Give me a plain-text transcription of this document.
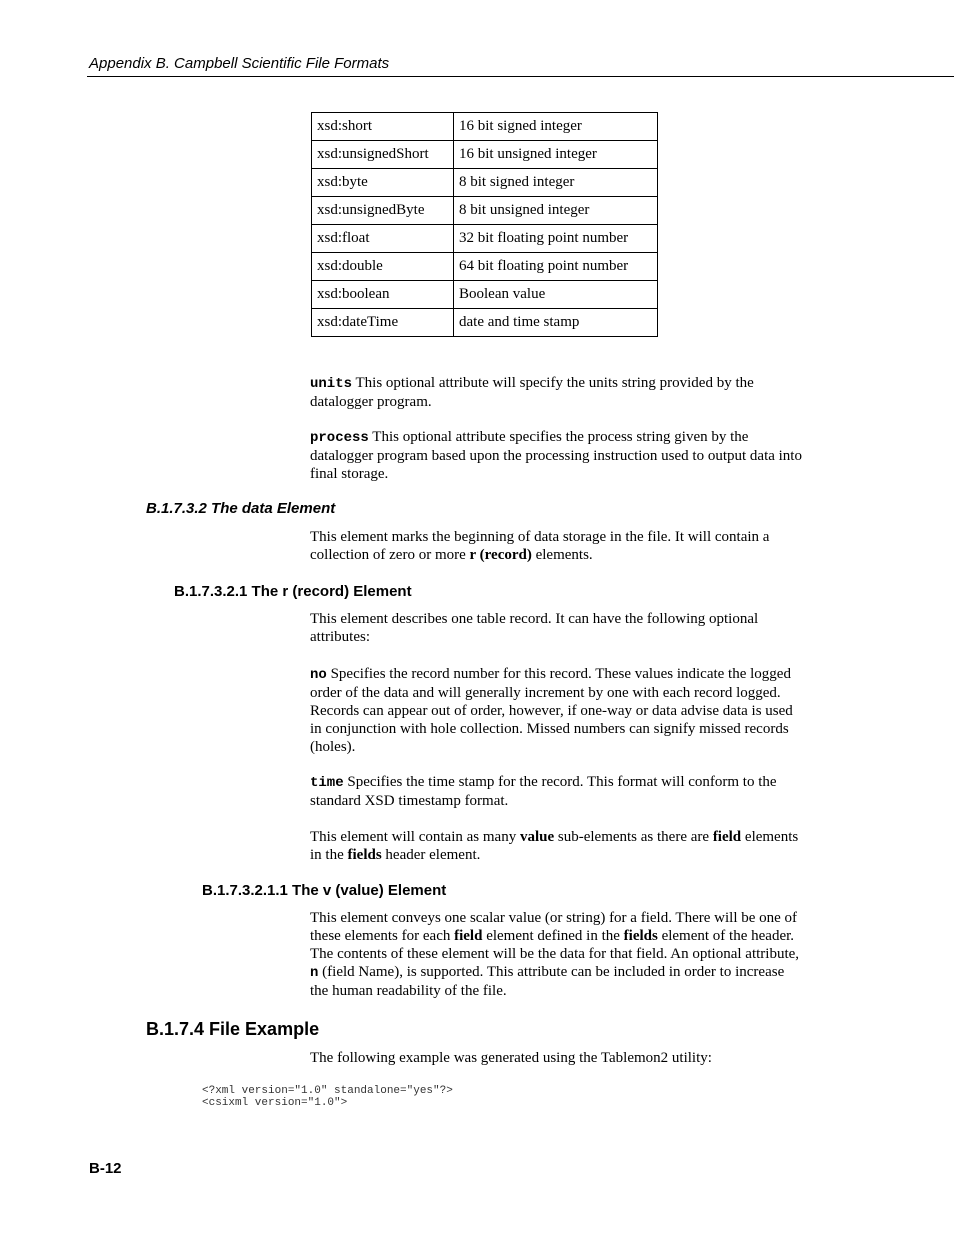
Appendix B. Campbell Scientific File Formats
xsd:short	16 bit signed integer
xsd:unsignedShort	16 bit unsigned integer
xsd:byte	8 bit signed integer
xsd:unsignedByte	8 bit unsigned integer
xsd:float	32 bit floating point number
xsd:double	64 bit floating point number
xsd:boolean	Boolean value
xsd:dateTime	date and time stamp

units This optional attribute will specify the units string provided by the datalogger program.

process This optional attribute specifies the process string given by the datalogger program based upon the processing instruction used to output data into final storage.

B.1.7.3.2 The data Element

This element marks the beginning of data storage in the file. It will contain a collection of zero or more r (record) elements.

B.1.7.3.2.1 The r (record) Element

This element describes one table record. It can have the following optional attributes:

no Specifies the record number for this record. These values indicate the logged order of the data and will generally increment by one with each record logged. Records can appear out of order, however, if one-way or data advise data is used in conjunction with hole collection. Missed numbers can signify missed records (holes).

time Specifies the time stamp for the record. This format will conform to the standard XSD timestamp format.

This element will contain as many value sub-elements as there are field elements in the fields header element.

B.1.7.3.2.1.1 The v (value) Element

This element conveys one scalar value (or string) for a field. There will be one of these elements for each field element defined in the fields element of the header. The contents of these element will be the data for that field. An optional attribute, n (field Name), is supported. This attribute can be included in order to increase the human readability of the file.

B.1.7.4 File Example

The following example was generated using the Tablemon2 utility:

<?xml version="1.0" standalone="yes"?>
<csixml version="1.0">
B-12
